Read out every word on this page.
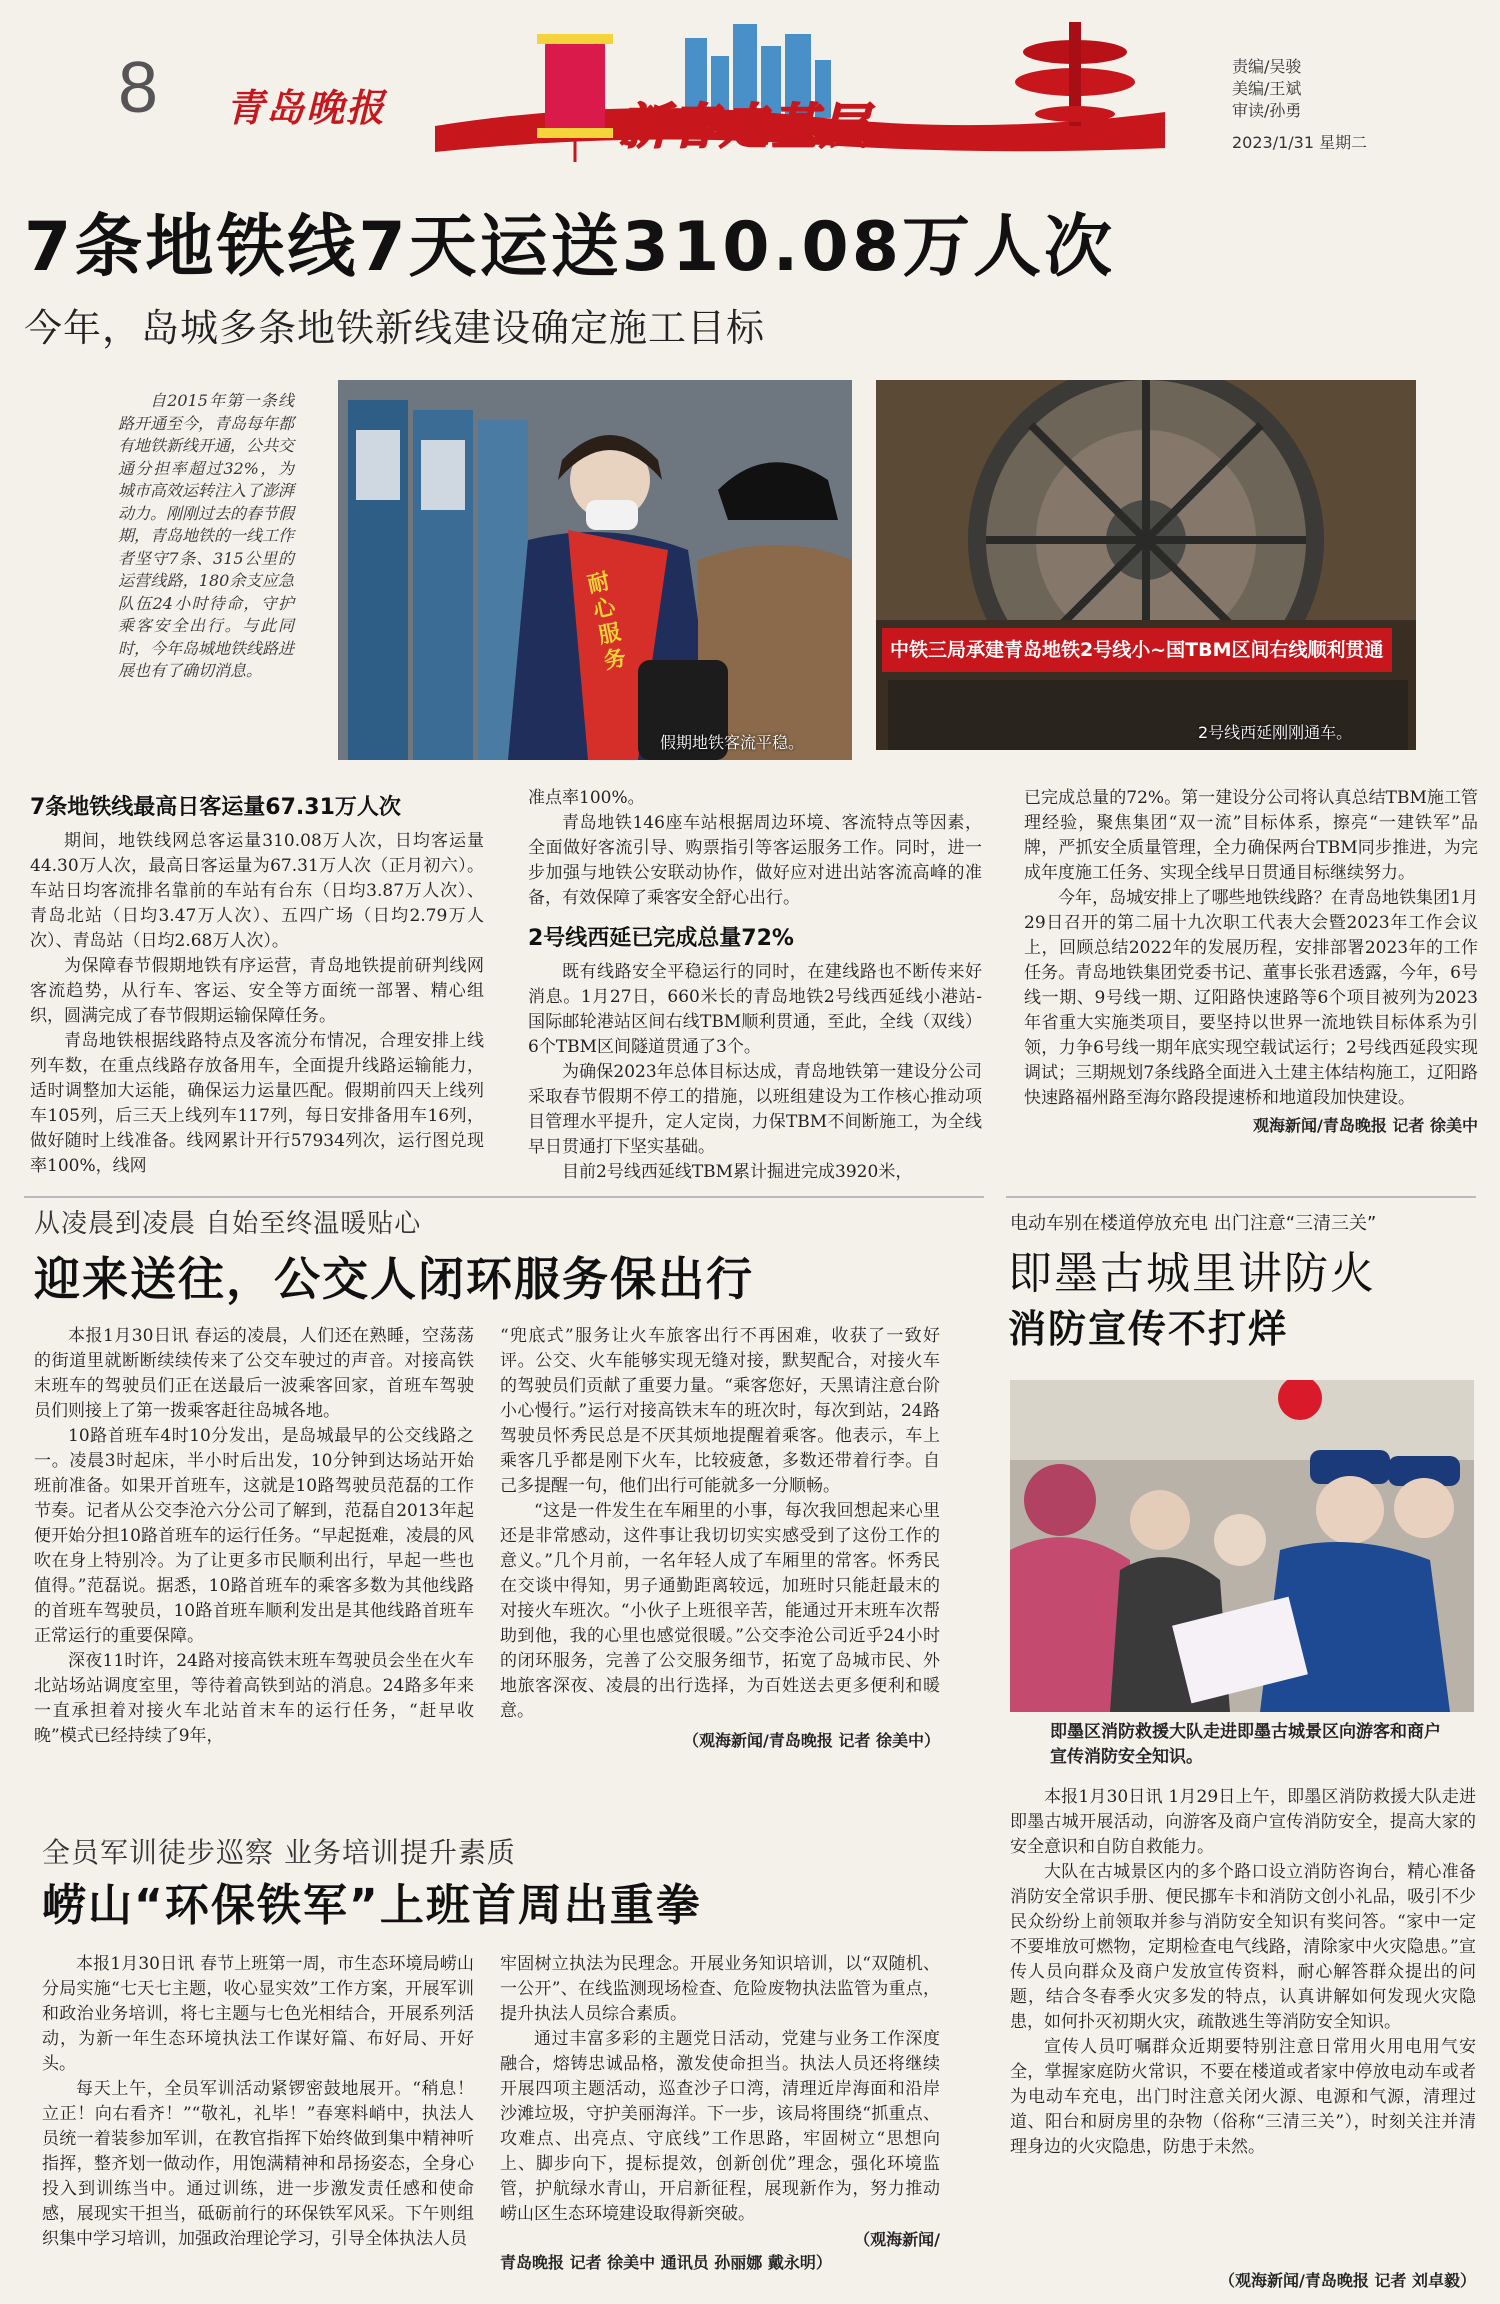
8 青岛晚报	新春走基层
责编/吴骏
美编/王斌
审读/孙勇
2023/1/31 星期二
7条地铁线7天运送310.08万人次
今年，岛城多条地铁新线建设确定施工目标
自2015年第一条线路开通至今，青岛每年都有地铁新线开通，公共交通分担率超过32%，为城市高效运转注入了澎湃动力。刚刚过去的春节假期，青岛地铁的一线工作者坚守7条、315公里的运营线路，180余支应急队伍24小时待命，守护乘客安全出行。与此同时，今年岛城地铁线路进展也有了确切消息。
耐心服务
假期地铁客流平稳。
中铁三局承建青岛地铁2号线小~国TBM区间右线顺利贯通
2号线西延刚刚通车。
7条地铁线最高日客运量67.31万人次

期间，地铁线网总客运量310.08万人次，日均客运量44.30万人次，最高日客运量为67.31万人次（正月初六）。车站日均客流排名靠前的车站有台东（日均3.87万人次）、青岛北站（日均3.47万人次）、五四广场（日均2.79万人次）、青岛站（日均2.68万人次）。

为保障春节假期地铁有序运营，青岛地铁提前研判线网客流趋势，从行车、客运、安全等方面统一部署、精心组织，圆满完成了春节假期运输保障任务。

青岛地铁根据线路特点及客流分布情况，合理安排上线列车数，在重点线路存放备用车，全面提升线路运输能力，适时调整加大运能，确保运力运量匹配。假期前四天上线列车105列，后三天上线列车117列，每日安排备用车16列，做好随时上线准备。线网累计开行57934列次，运行图兑现率100%，线网

准点率100%。

青岛地铁146座车站根据周边环境、客流特点等因素，全面做好客流引导、购票指引等客运服务工作。同时，进一步加强与地铁公安联动协作，做好应对进出站客流高峰的准备，有效保障了乘客安全舒心出行。

2号线西延已完成总量72%

既有线路安全平稳运行的同时，在建线路也不断传来好消息。1月27日，660米长的青岛地铁2号线西延线小港站-国际邮轮港站区间右线TBM顺利贯通，至此，全线（双线）6个TBM区间隧道贯通了3个。

为确保2023年总体目标达成，青岛地铁第一建设分公司采取春节假期不停工的措施，以班组建设为工作核心推动项目管理水平提升，定人定岗，力保TBM不间断施工，为全线早日贯通打下坚实基础。

目前2号线西延线TBM累计掘进完成3920米，

已完成总量的72%。第一建设分公司将认真总结TBM施工管理经验，聚焦集团“双一流”目标体系，擦亮“一建铁军”品牌，严抓安全质量管理，全力确保两台TBM同步推进，为完成年度施工任务、实现全线早日贯通目标继续努力。

今年，岛城安排上了哪些地铁线路？在青岛地铁集团1月29日召开的第二届十九次职工代表大会暨2023年工作会议上，回顾总结2022年的发展历程，安排部署2023年的工作任务。青岛地铁集团党委书记、董事长张君透露，今年，6号线一期、9号线一期、辽阳路快速路等6个项目被列为2023年省重大实施类项目，要坚持以世界一流地铁目标体系为引领，力争6号线一期年底实现空载试运行；2号线西延段实现调试；三期规划7条线路全面进入土建主体结构施工，辽阳路快速路福州路至海尔路段提速桥和地道段加快建设。

观海新闻/青岛晚报 记者 徐美中
从凌晨到凌晨 自始至终温暖贴心
迎来送往，公交人闭环服务保出行

本报1月30日讯 春运的凌晨，人们还在熟睡，空荡荡的街道里就断断续续传来了公交车驶过的声音。对接高铁末班车的驾驶员们正在送最后一波乘客回家，首班车驾驶员们则接上了第一拨乘客赶往岛城各地。

10路首班车4时10分发出，是岛城最早的公交线路之一。凌晨3时起床，半小时后出发，10分钟到达场站开始班前准备。如果开首班车，这就是10路驾驶员范磊的工作节奏。记者从公交李沧六分公司了解到，范磊自2013年起便开始分担10路首班车的运行任务。“早起挺难，凌晨的风吹在身上特别冷。为了让更多市民顺利出行，早起一些也值得。”范磊说。据悉，10路首班车的乘客多数为其他线路的首班车驾驶员，10路首班车顺利发出是其他线路首班车正常运行的重要保障。

深夜11时许，24路对接高铁末班车驾驶员会坐在火车北站场站调度室里，等待着高铁到站的消息。24路多年来一直承担着对接火车北站首末车的运行任务，“赶早收晚”模式已经持续了9年，

“兜底式”服务让火车旅客出行不再困难，收获了一致好评。公交、火车能够实现无缝对接，默契配合，对接火车的驾驶员们贡献了重要力量。“乘客您好，天黑请注意台阶小心慢行。”运行对接高铁末车的班次时，每次到站，24路驾驶员怀秀民总是不厌其烦地提醒着乘客。他表示，车上乘客几乎都是刚下火车，比较疲惫，多数还带着行李。自己多提醒一句，他们出行可能就多一分顺畅。

“这是一件发生在车厢里的小事，每次我回想起来心里还是非常感动，这件事让我切切实实感受到了这份工作的意义。”几个月前，一名年轻人成了车厢里的常客。怀秀民在交谈中得知，男子通勤距离较远，加班时只能赶最末的对接火车班次。“小伙子上班很辛苦，能通过开末班车次帮助到他，我的心里也感觉很暖。”公交李沧公司近乎24小时的闭环服务，完善了公交服务细节，拓宽了岛城市民、外地旅客深夜、凌晨的出行选择，为百姓送去更多便利和暖意。

（观海新闻/青岛晚报 记者 徐美中）
电动车别在楼道停放充电 出门注意“三清三关”
即墨古城里讲防火
消防宣传不打烊
即墨区消防救援大队走进即墨古城景区向游客和商户宣传消防安全知识。

本报1月30日讯 1月29日上午，即墨区消防救援大队走进即墨古城开展活动，向游客及商户宣传消防安全，提高大家的安全意识和自防自救能力。

大队在古城景区内的多个路口设立消防咨询台，精心准备消防安全常识手册、便民挪车卡和消防文创小礼品，吸引不少民众纷纷上前领取并参与消防安全知识有奖问答。“家中一定不要堆放可燃物，定期检查电气线路，清除家中火灾隐患。”宣传人员向群众及商户发放宣传资料，耐心解答群众提出的问题，结合冬春季火灾多发的特点，认真讲解如何发现火灾隐患，如何扑灭初期火灾，疏散逃生等消防安全知识。

宣传人员叮嘱群众近期要特别注意日常用火用电用气安全，掌握家庭防火常识，不要在楼道或者家中停放电动车或者为电动车充电，出门时注意关闭火源、电源和气源，清理过道、阳台和厨房里的杂物（俗称“三清三关”），时刻关注并清理身边的火灾隐患，防患于未然。

（观海新闻/青岛晚报 记者 刘卓毅）
全员军训徒步巡察 业务培训提升素质
崂山“环保铁军”上班首周出重拳

本报1月30日讯 春节上班第一周，市生态环境局崂山分局实施“七天七主题，收心显实效”工作方案，开展军训和政治业务培训，将七主题与七色光相结合，开展系列活动，为新一年生态环境执法工作谋好篇、布好局、开好头。

每天上午，全员军训活动紧锣密鼓地展开。“稍息！立正！向右看齐！”“敬礼，礼毕！”春寒料峭中，执法人员统一着装参加军训，在教官指挥下始终做到集中精神听指挥，整齐划一做动作，用饱满精神和昂扬姿态，全身心投入到训练当中。通过训练，进一步激发责任感和使命感，展现实干担当，砥砺前行的环保铁军风采。下午则组织集中学习培训，加强政治理论学习，引导全体执法人员

牢固树立执法为民理念。开展业务知识培训，以“双随机、一公开”、在线监测现场检查、危险废物执法监管为重点，提升执法人员综合素质。

通过丰富多彩的主题党日活动，党建与业务工作深度融合，熔铸忠诚品格，激发使命担当。执法人员还将继续开展四项主题活动，巡查沙子口湾，清理近岸海面和沿岸沙滩垃圾，守护美丽海洋。下一步，该局将围绕“抓重点、攻难点、出亮点、守底线”工作思路，牢固树立“思想向上、脚步向下，提标提效，创新创优”理念，强化环境监管，护航绿水青山，开启新征程，展现新作为，努力推动崂山区生态环境建设取得新突破。

（观海新闻/
青岛晚报 记者 徐美中 通讯员 孙丽娜 戴永明）
